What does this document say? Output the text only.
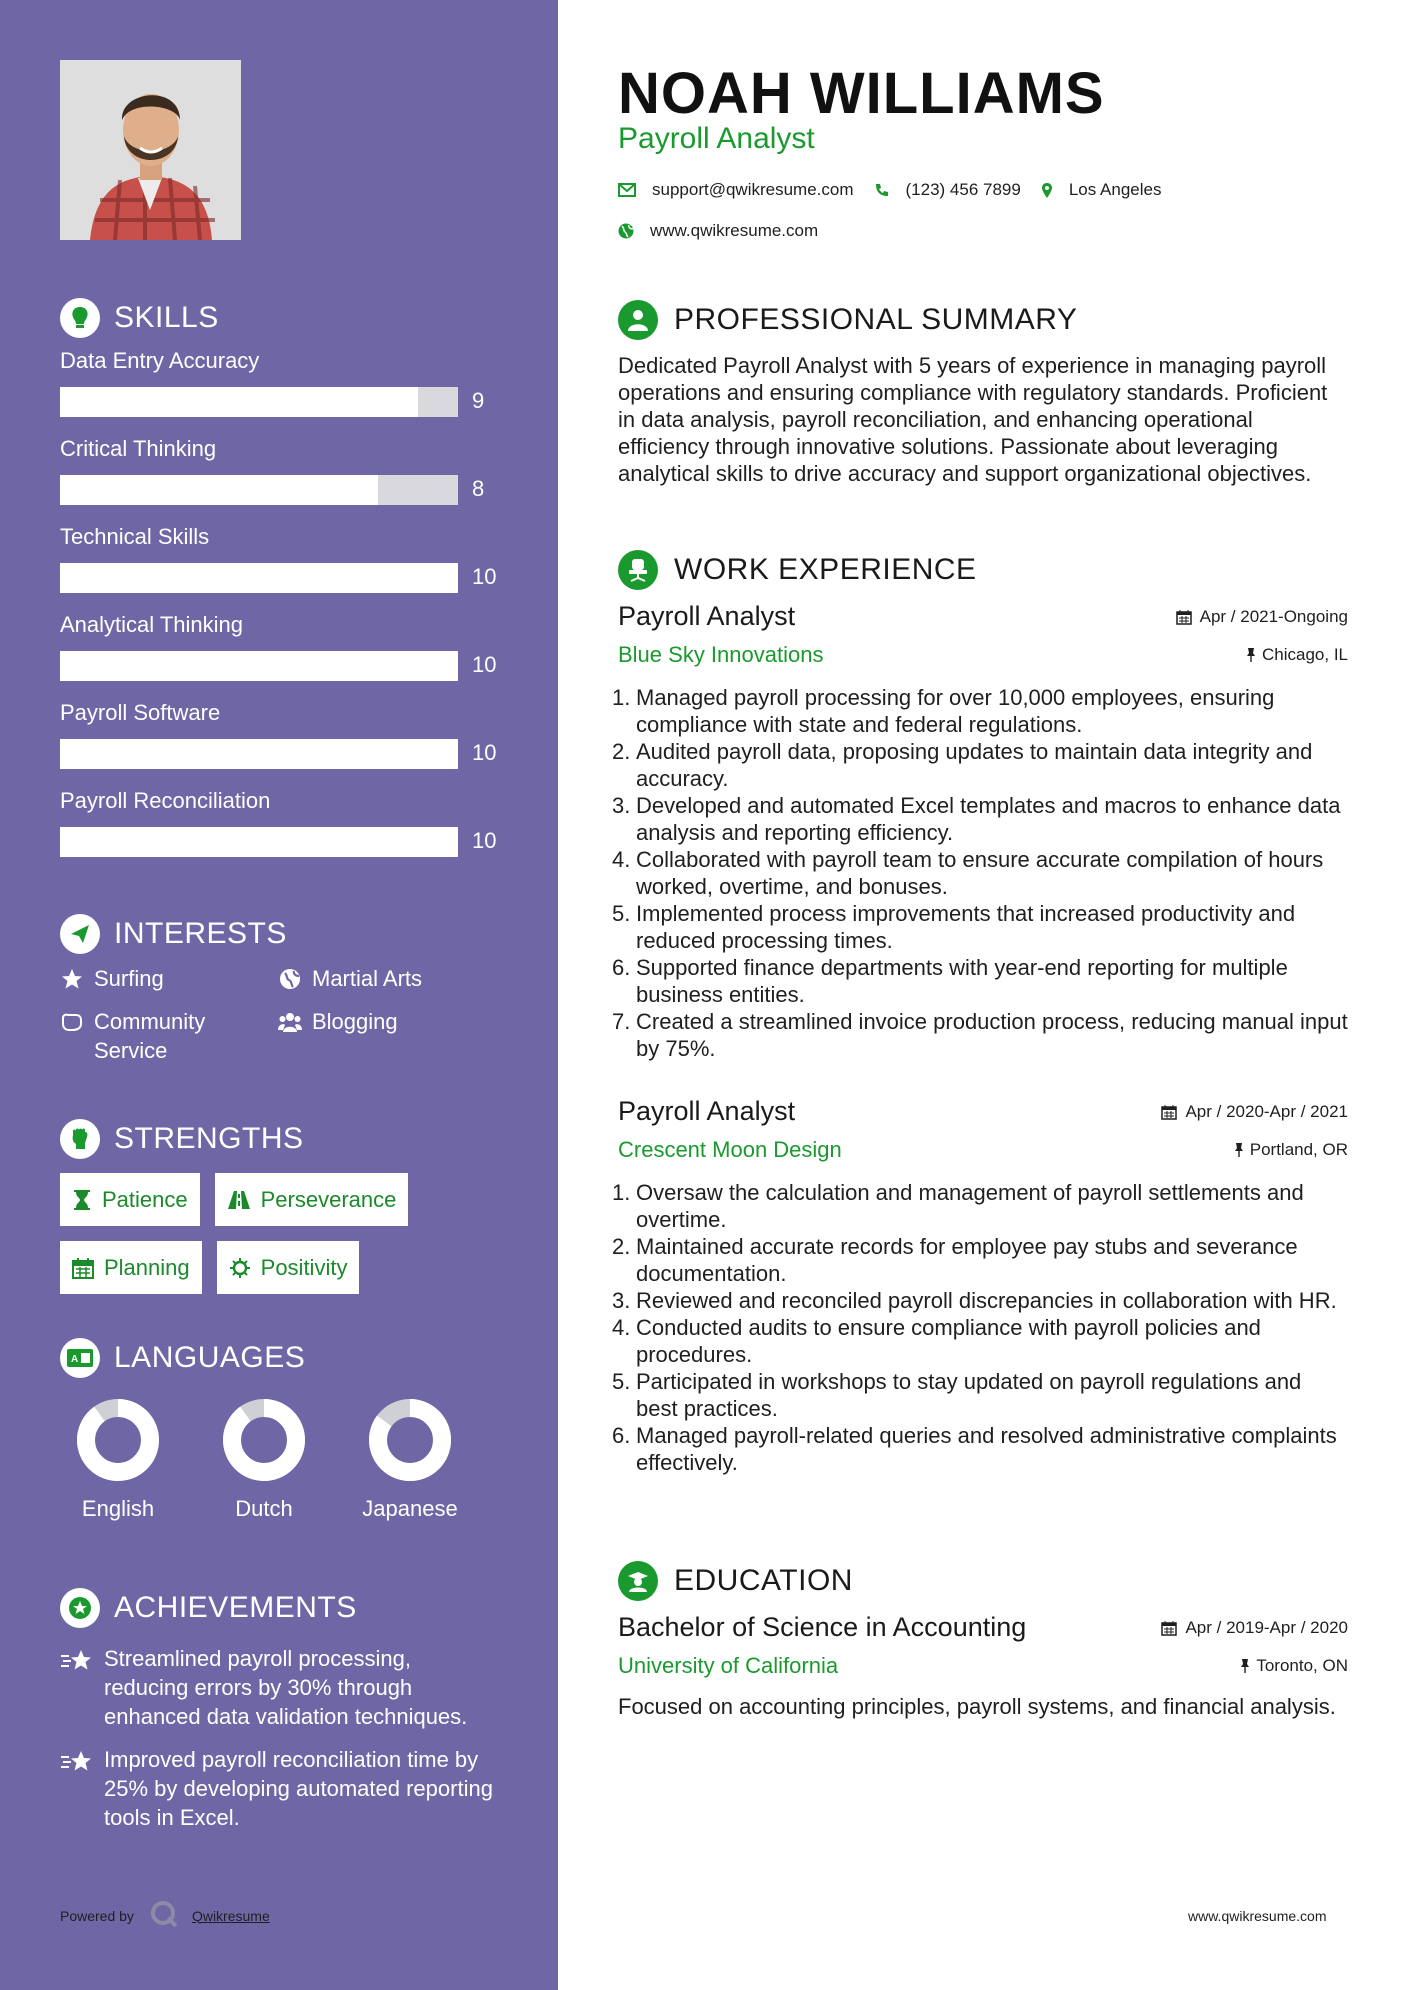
SKILLS
Data Entry Accuracy
9
Critical Thinking
8
Technical Skills
10
Analytical Thinking
10
Payroll Software
10
Payroll Reconciliation
10
INTERESTS
Surfing	Martial Arts
Community Service
Blogging
STRENGTHS
Patience	Perseverance
Planning	Positivity
A LANGUAGES
English	Dutch	Japanese
ACHIEVEMENTS
Streamlined payroll processing, reducing errors by 30% through enhanced data validation techniques.
Improved payroll reconciliation time by 25% by developing automated reporting tools in Excel.
Powered by	Qwikresume
NOAH WILLIAMS
Payroll Analyst
support@qwikresume.com	(123) 456 7899	Los Angeles
www.qwikresume.com
PROFESSIONAL SUMMARY
Dedicated Payroll Analyst with 5 years of experience in managing payroll operations and ensuring compliance with regulatory standards. Proficient in data analysis, payroll reconciliation, and enhancing operational efficiency through innovative solutions. Passionate about leveraging analytical skills to drive accuracy and support organizational objectives.
WORK EXPERIENCE
Payroll Analyst	Apr / 2021-Ongoing
Blue Sky Innovations	Chicago, IL
1. Managed payroll processing for over 10,000 employees, ensuring compliance with state and federal regulations.
2. Audited payroll data, proposing updates to maintain data integrity and accuracy.
3. Developed and automated Excel templates and macros to enhance data analysis and reporting efficiency.
4. Collaborated with payroll team to ensure accurate compilation of hours worked, overtime, and bonuses.
5. Implemented process improvements that increased productivity and reduced processing times.
6. Supported finance departments with year-end reporting for multiple business entities.
7. Created a streamlined invoice production process, reducing manual input by 75%.
Payroll Analyst	Apr / 2020-Apr / 2021
Crescent Moon Design	Portland, OR
1. Oversaw the calculation and management of payroll settlements and overtime.
2. Maintained accurate records for employee pay stubs and severance documentation.
3. Reviewed and reconciled payroll discrepancies in collaboration with HR.
4. Conducted audits to ensure compliance with payroll policies and procedures.
5. Participated in workshops to stay updated on payroll regulations and best practices.
6. Managed payroll-related queries and resolved administrative complaints effectively.
EDUCATION
Bachelor of Science in Accounting	Apr / 2019-Apr / 2020
University of California	Toronto, ON
Focused on accounting principles, payroll systems, and financial analysis.
www.qwikresume.com
